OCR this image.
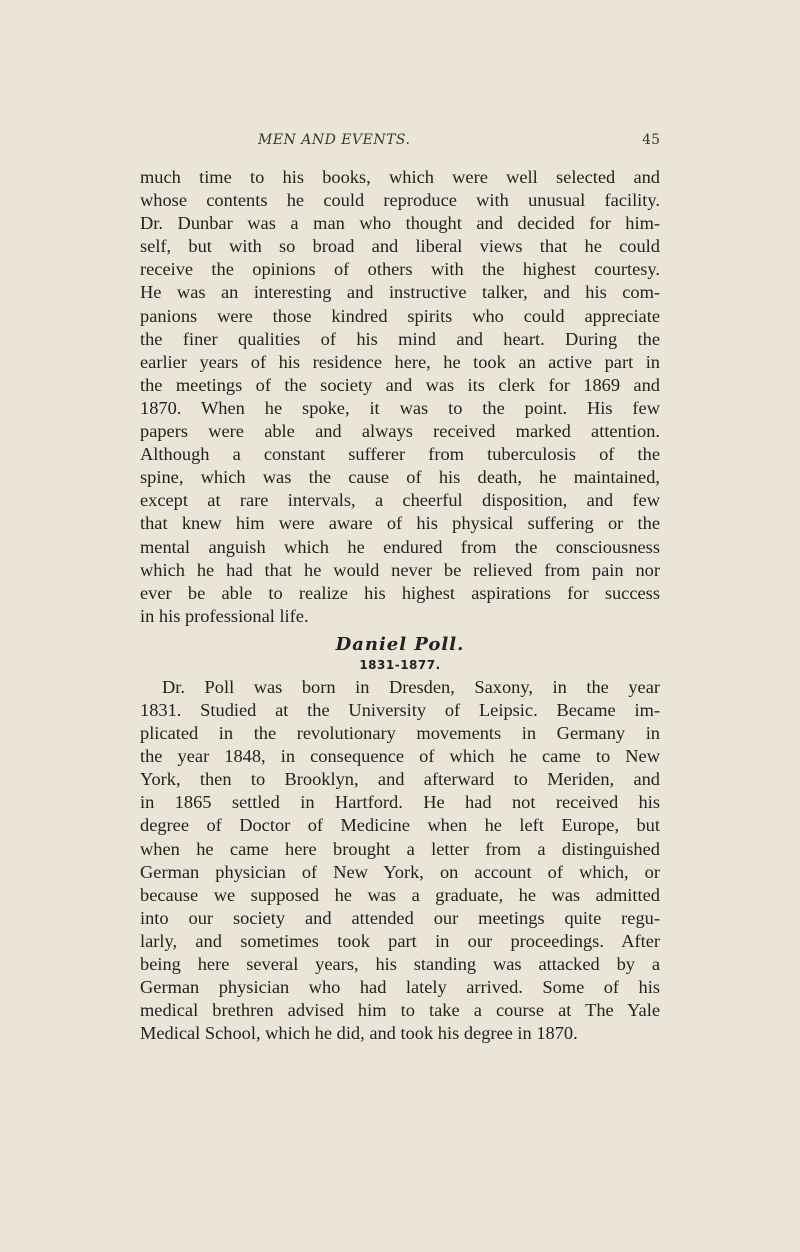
MEN AND EVENTS.	45
much time to his books, which were well selected and
whose contents he could reproduce with unusual facility.
Dr. Dunbar was a man who thought and decided for him-
self, but with so broad and liberal views that he could
receive the opinions of others with the highest courtesy.
He was an interesting and instructive talker, and his com-
panions were those kindred spirits who could appreciate
the finer qualities of his mind and heart. During the
earlier years of his residence here, he took an active part in
the meetings of the society and was its clerk for 1869 and
1870. When he spoke, it was to the point. His few
papers were able and always received marked attention.
Although a constant sufferer from tuberculosis of the
spine, which was the cause of his death, he maintained,
except at rare intervals, a cheerful disposition, and few
that knew him were aware of his physical suffering or the
mental anguish which he endured from the consciousness
which he had that he would never be relieved from pain nor
ever be able to realize his highest aspirations for success
in his professional life.
Daniel Poll.
1831-1877.
Dr. Poll was born in Dresden, Saxony, in the year
1831. Studied at the University of Leipsic. Became im-
plicated in the revolutionary movements in Germany in
the year 1848, in consequence of which he came to New
York, then to Brooklyn, and afterward to Meriden, and
in 1865 settled in Hartford. He had not received his
degree of Doctor of Medicine when he left Europe, but
when he came here brought a letter from a distinguished
German physician of New York, on account of which, or
because we supposed he was a graduate, he was admitted
into our society and attended our meetings quite regu-
larly, and sometimes took part in our proceedings. After
being here several years, his standing was attacked by a
German physician who had lately arrived. Some of his
medical brethren advised him to take a course at The Yale
Medical School, which he did, and took his degree in 1870.
